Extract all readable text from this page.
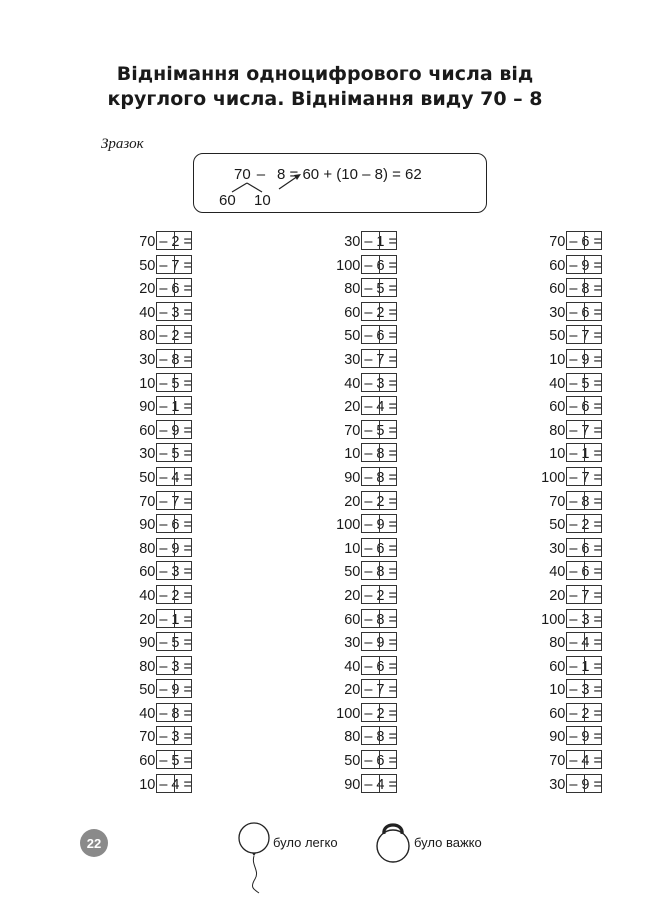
Віднімання одноцифрового числа від
круглого числа. Віднімання виду 70 – 8
Зразок
70 – 8 = 60 + (10 – 8) = 62
60 10
70 – 2 =
50 – 7 =
20 – 6 =
40 – 3 =
80 – 2 =
30 – 8 =
10 – 5 =
90 – 1 =
60 – 9 =
30 – 5 =
50 – 4 =
70 – 7 =
90 – 6 =
80 – 9 =
60 – 3 =
40 – 2 =
20 – 1 =
90 – 5 =
80 – 3 =
50 – 9 =
40 – 8 =
70 – 3 =
60 – 5 =
10 – 4 =
30 – 1 =
100 – 6 =
80 – 5 =
60 – 2 =
50 – 6 =
30 – 7 =
40 – 3 =
20 – 4 =
70 – 5 =
10 – 8 =
90 – 8 =
20 – 2 =
100 – 9 =
10 – 6 =
50 – 8 =
20 – 2 =
60 – 8 =
30 – 9 =
40 – 6 =
20 – 7 =
100 – 2 =
80 – 8 =
50 – 6 =
90 – 4 =
70 – 6 =
60 – 9 =
60 – 8 =
30 – 6 =
50 – 7 =
10 – 9 =
40 – 5 =
60 – 6 =
80 – 7 =
10 – 1 =
100 – 7 =
70 – 8 =
50 – 2 =
30 – 6 =
40 – 6 =
20 – 7 =
100 – 3 =
80 – 4 =
60 – 1 =
10 – 3 =
60 – 2 =
90 – 9 =
70 – 4 =
30 – 9 =
22	було легко	було важко
